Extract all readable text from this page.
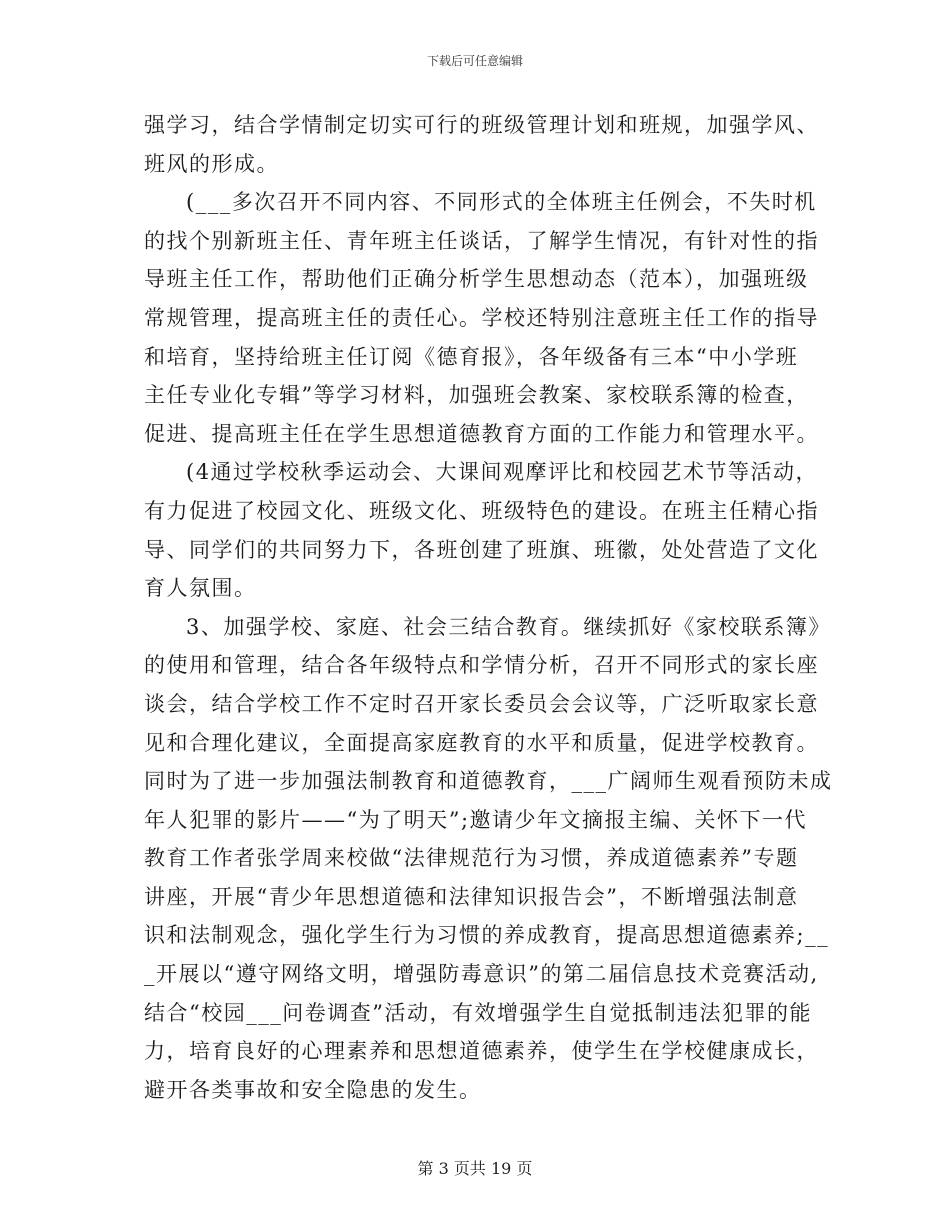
下载后可任意编辑
强学习，结合学情制定切实可行的班级管理计划和班规，加强学风、
班风的形成。
(___多次召开不同内容、不同形式的全体班主任例会，不失时机
的找个别新班主任、青年班主任谈话，了解学生情况，有针对性的指
导班主任工作，帮助他们正确分析学生思想动态（范本），加强班级
常规管理，提高班主任的责任心。学校还特别注意班主任工作的指导
和培育，坚持给班主任订阅《德育报》，各年级备有三本“中小学班
主任专业化专辑”等学习材料，加强班会教案、家校联系簿的检查，
促进、提高班主任在学生思想道德教育方面的工作能力和管理水平。
(4通过学校秋季运动会、大课间观摩评比和校园艺术节等活动，
有力促进了校园文化、班级文化、班级特色的建设。在班主任精心指
导、同学们的共同努力下，各班创建了班旗、班徽，处处营造了文化
育人氛围。
3、加强学校、家庭、社会三结合教育。继续抓好《家校联系簿》
的使用和管理，结合各年级特点和学情分析，召开不同形式的家长座
谈会，结合学校工作不定时召开家长委员会会议等，广泛听取家长意
见和合理化建议，全面提高家庭教育的水平和质量，促进学校教育。
同时为了进一步加强法制教育和道德教育，___广阔师生观看预防未成
年人犯罪的影片——“为了明天”;邀请少年文摘报主编、关怀下一代
教育工作者张学周来校做“法律规范行为习惯，养成道德素养”专题
讲座，开展“青少年思想道德和法律知识报告会”，不断增强法制意
识和法制观念，强化学生行为习惯的养成教育，提高思想道德素养;__
_开展以“遵守网络文明，增强防毒意识”的第二届信息技术竞赛活动,
结合“校园___问卷调查”活动，有效增强学生自觉抵制违法犯罪的能
力，培育良好的心理素养和思想道德素养，使学生在学校健康成长，
避开各类事故和安全隐患的发生。
第 3 页共 19 页
